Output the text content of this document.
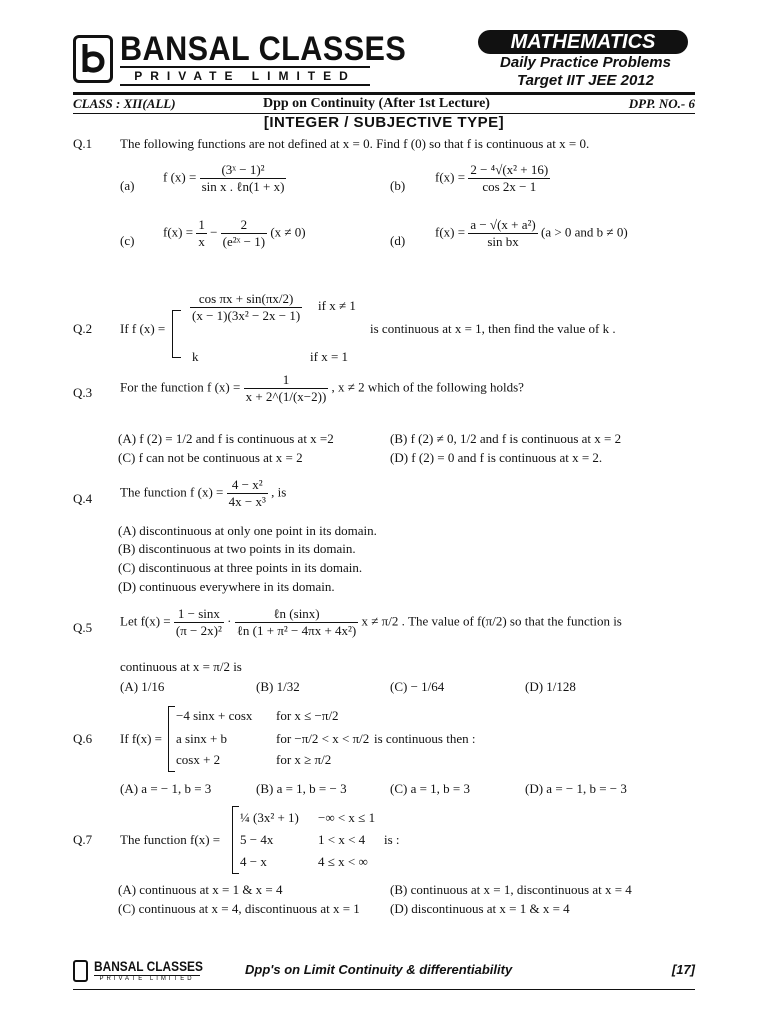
BANSAL CLASSES
PRIVATE LIMITED
MATHEMATICS
Daily Practice Problems
Target IIT JEE 2012
CLASS : XII(ALL)	Dpp on Continuity (After 1st Lecture)	DPP. NO.- 6
[INTEGER / SUBJECTIVE TYPE]
Q.1 The following functions are not defined at x = 0. Find f (0) so that f is continuous at x = 0.
(a)
f $(x) = \frac{\text{(3ˣ − 1)²}}{\text{sin x . ℓn(1 + x)}}$	(b)
$f(x) = \frac{\text{2 − ⁴√(x² + 16)}}{\cos 2x - 1}$
(c)
$f(x) = \frac{1}{x} - \frac{2}{\text{(e²ˣ − 1)}} (x \ne 0)$
(d)
$f(x) = \frac{\text{a − √(x + a²)}}{\text{sin bx}} (a > 0$ and b ≠ 0)
Q.2 If f (x) =
$\frac{\text{cos πx + sin(πx/2)}}{\text{(x − 1)(3x² − 2x − 1)}}$ if x ≠ 1
is continuous at x = 1, then find the value of k .
k	if x = 1
Q.3 For the function f $(x) = \frac{1}{x + 2\^{}(1/(x-2))}$ , x ≠ 2 which of the following holds?
(A) f (2) = 1/2 and f is continuous at x =2	(B) f (2) ≠ 0, 1/2 and f is continuous at x = 2
(C) f can not be continuous at x = 2	(D) f (2) = 0 and f is continuous at x = 2.
Q.4 The function f $(x) = \frac{\text{4 − x²}}{\text{4x − x³}}$ , is
(A) discontinuous at only one point in its domain.
(B) discontinuous at two points in its domain.
(C) discontinuous at three points in its domain.
(D) continuous everywhere in its domain.
Q.5 Let $f(x) = \frac{1 - \sin x}{\text{(π − 2x)²}} \cdot \frac{\text{ℓn (sinx)}}{\text{ℓn (1 + π² − 4πx + 4x²)}}$ x ≠ π/2 . The value of f(π/2) so that the function is
continuous at x = π/2 is
(A) 1/16	(B) 1/32	(C) − 1/64	(D) 1/128
Q.6 If f(x) =
−4 sinx + cosx for x ≤ −π/2
a sinx + b	for −π/2 < x < π/2 is continuous then :
cosx + 2	for x ≥ π/2
(A) a = − 1, b = 3	(B) a = 1, b = − 3	(C) a = 1, b = 3	(D) a = − 1, b = − 3
Q.7 The function f(x) =
¼ (3x² + 1) −∞ < x ≤ 1
5 − 4x	1 < x < 4 is :
4 − x	4 ≤ x < ∞
(A) continuous at x = 1 & x = 4	(B) continuous at x = 1, discontinuous at x = 4
(C) continuous at x = 4, discontinuous at x = 1 (D) discontinuous at x = 1 & x = 4
BANSAL CLASSES
PRIVATE LIMITED
Dpp's on Limit Continuity & differentiability	[17]
